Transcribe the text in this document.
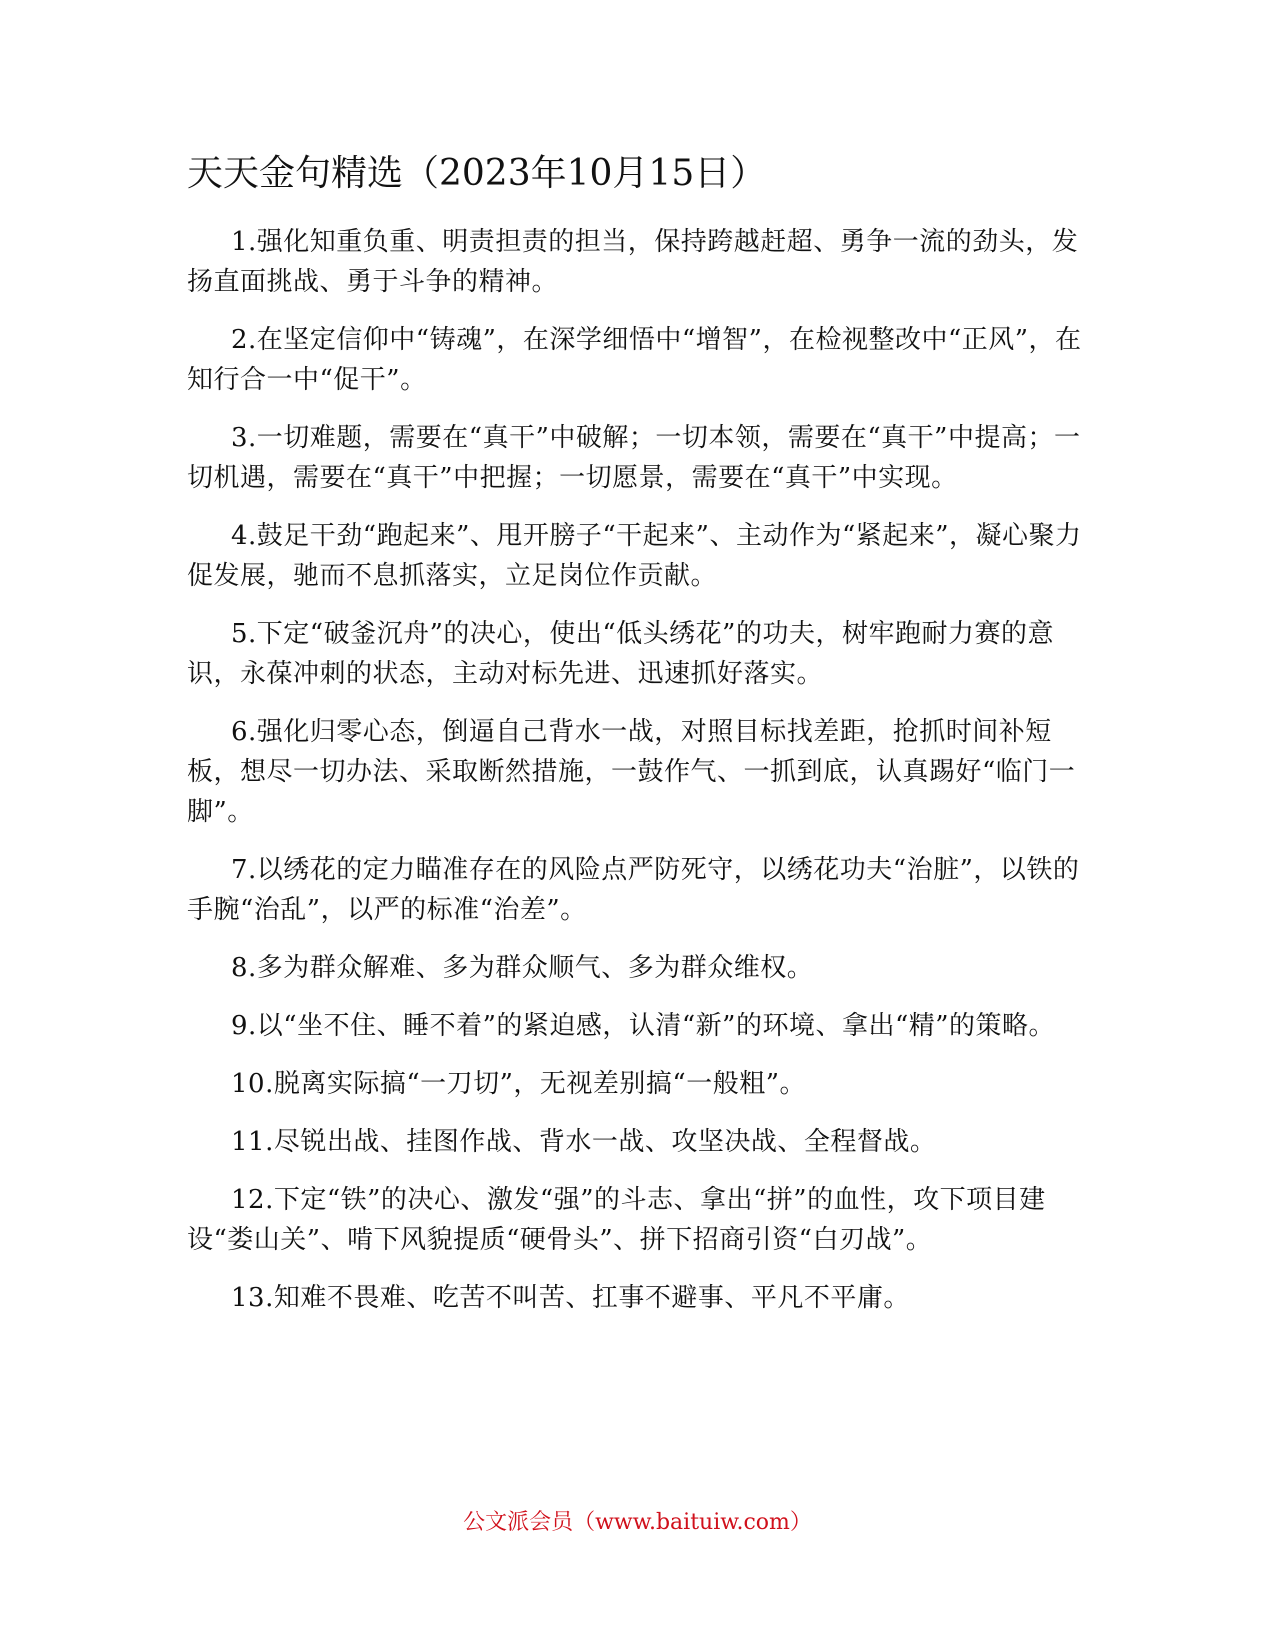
天天金句精选（2023年10月15日）

1.强化知重负重、明责担责的担当，保持跨越赶超、勇争一流的劲头，发扬直面挑战、勇于斗争的精神。

2.在坚定信仰中“铸魂”，在深学细悟中“增智”，在检视整改中“正风”，在知行合一中“促干”。

3.一切难题，需要在“真干”中破解；一切本领，需要在“真干”中提高；一切机遇，需要在“真干”中把握；一切愿景，需要在“真干”中实现。

4.鼓足干劲“跑起来”、甩开膀子“干起来”、主动作为“紧起来”，凝心聚力促发展，驰而不息抓落实，立足岗位作贡献。

5.下定“破釜沉舟”的决心，使出“低头绣花”的功夫，树牢跑耐力赛的意识，永葆冲刺的状态，主动对标先进、迅速抓好落实。

6.强化归零心态，倒逼自己背水一战，对照目标找差距，抢抓时间补短板，想尽一切办法、采取断然措施，一鼓作气、一抓到底，认真踢好“临门一脚”。

7.以绣花的定力瞄准存在的风险点严防死守，以绣花功夫“治脏”，以铁的手腕“治乱”，以严的标准“治差”。

8.多为群众解难、多为群众顺气、多为群众维权。

9.以“坐不住、睡不着”的紧迫感，认清“新”的环境、拿出“精”的策略。

10.脱离实际搞“一刀切”，无视差别搞“一般粗”。

11.尽锐出战、挂图作战、背水一战、攻坚决战、全程督战。

12.下定“铁”的决心、激发“强”的斗志、拿出“拼”的血性，攻下项目建设“娄山关”、啃下风貌提质“硬骨头”、拼下招商引资“白刃战”。

13.知难不畏难、吃苦不叫苦、扛事不避事、平凡不平庸。

公文派会员（www.baituiw.com）
